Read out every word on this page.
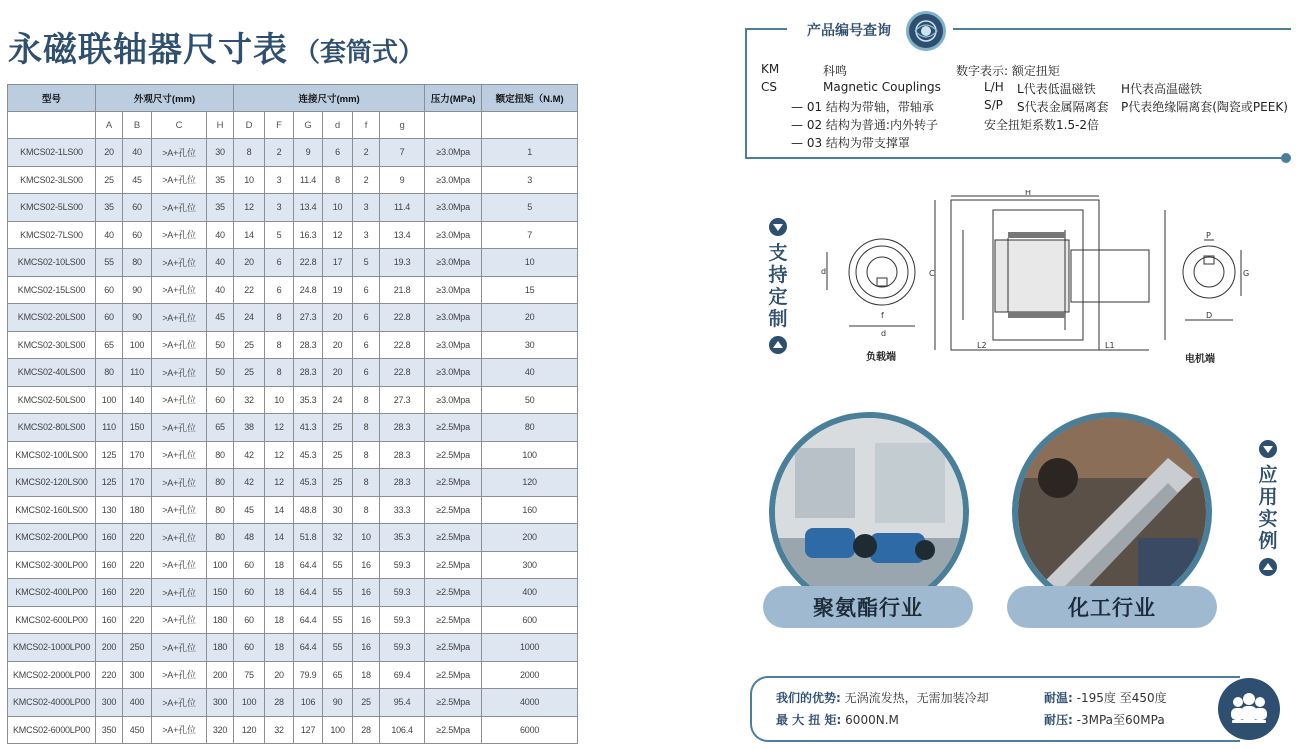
永磁联轴器尺寸表 （套筒式）
型号	外观尺寸(mm)				连接尺寸(mm)						压力(MPa)	额定扭矩（N.M)
	A	B	C	H	D	F	G	d	f	g		
KMCS02-1LS00	20	40	>A+孔位	30	8	2	9	6	2	7	≥3.0Mpa	1
KMCS02-3LS00	25	45	>A+孔位	35	10	3	11.4	8	2	9	≥3.0Mpa	3
KMCS02-5LS00	35	60	>A+孔位	35	12	3	13.4	10	3	11.4	≥3.0Mpa	5
KMCS02-7LS00	40	60	>A+孔位	40	14	5	16.3	12	3	13.4	≥3.0Mpa	7
KMCS02-10LS00	55	80	>A+孔位	40	20	6	22.8	17	5	19.3	≥3.0Mpa	10
KMCS02-15LS00	60	90	>A+孔位	40	22	6	24.8	19	6	21.8	≥3.0Mpa	15
KMCS02-20LS00	60	90	>A+孔位	45	24	8	27.3	20	6	22.8	≥3.0Mpa	20
KMCS02-30LS00	65	100	>A+孔位	50	25	8	28.3	20	6	22.8	≥3.0Mpa	30
KMCS02-40LS00	80	110	>A+孔位	50	25	8	28.3	20	6	22.8	≥3.0Mpa	40
KMCS02-50LS00	100	140	>A+孔位	60	32	10	35.3	24	8	27.3	≥3.0Mpa	50
KMCS02-80LS00	110	150	>A+孔位	65	38	12	41.3	25	8	28.3	≥2.5Mpa	80
KMCS02-100LS00	125	170	>A+孔位	80	42	12	45.3	25	8	28.3	≥2.5Mpa	100
KMCS02-120LS00	125	170	>A+孔位	80	42	12	45.3	25	8	28.3	≥2.5Mpa	120
KMCS02-160LS00	130	180	>A+孔位	80	45	14	48.8	30	8	33.3	≥2.5Mpa	160
KMCS02-200LP00	160	220	>A+孔位	80	48	14	51.8	32	10	35.3	≥2.5Mpa	200
KMCS02-300LP00	160	220	>A+孔位	100	60	18	64.4	55	16	59.3	≥2.5Mpa	300
KMCS02-400LP00	160	220	>A+孔位	150	60	18	64.4	55	16	59.3	≥2.5Mpa	400
KMCS02-600LP00	160	220	>A+孔位	180	60	18	64.4	55	16	59.3	≥2.5Mpa	600
KMCS02-1000LP00	200	250	>A+孔位	180	60	18	64.4	55	16	59.3	≥2.5Mpa	1000
KMCS02-2000LP00	220	300	>A+孔位	200	75	20	79.9	65	18	69.4	≥2.5Mpa	2000
KMCS02-4000LP00	300	400	>A+孔位	300	100	28	106	90	25	95.4	≥2.5Mpa	4000
KMCS02-6000LP00	350	450	>A+孔位	320	120	32	127	100	28	106.4	≥2.5Mpa	6000
产品编号查询
KM	科鸣	数字表示: 额定扭矩
CS	Magnetic Couplings	L/H L代表低温磁铁 H代表高温磁铁
— 01 结构为带轴，带轴承	S/P S代表金属隔离套 P代表绝缘隔离套(陶瓷或PEEK)
— 02 结构为普通:内外转子	安全扭矩系数1.5-2倍
— 03 结构为带支撑罩
支
持
定
制
H
d
f
d
P
D
G
L1
L2
C
负载端	电机端
聚氨酯行业	化工行业
应
用
实
例
我们的优势: 无涡流发热，无需加装冷却
最 大 扭 矩: 6000N.M
耐温: -195度 至450度
耐压: -3MPa至60MPa
